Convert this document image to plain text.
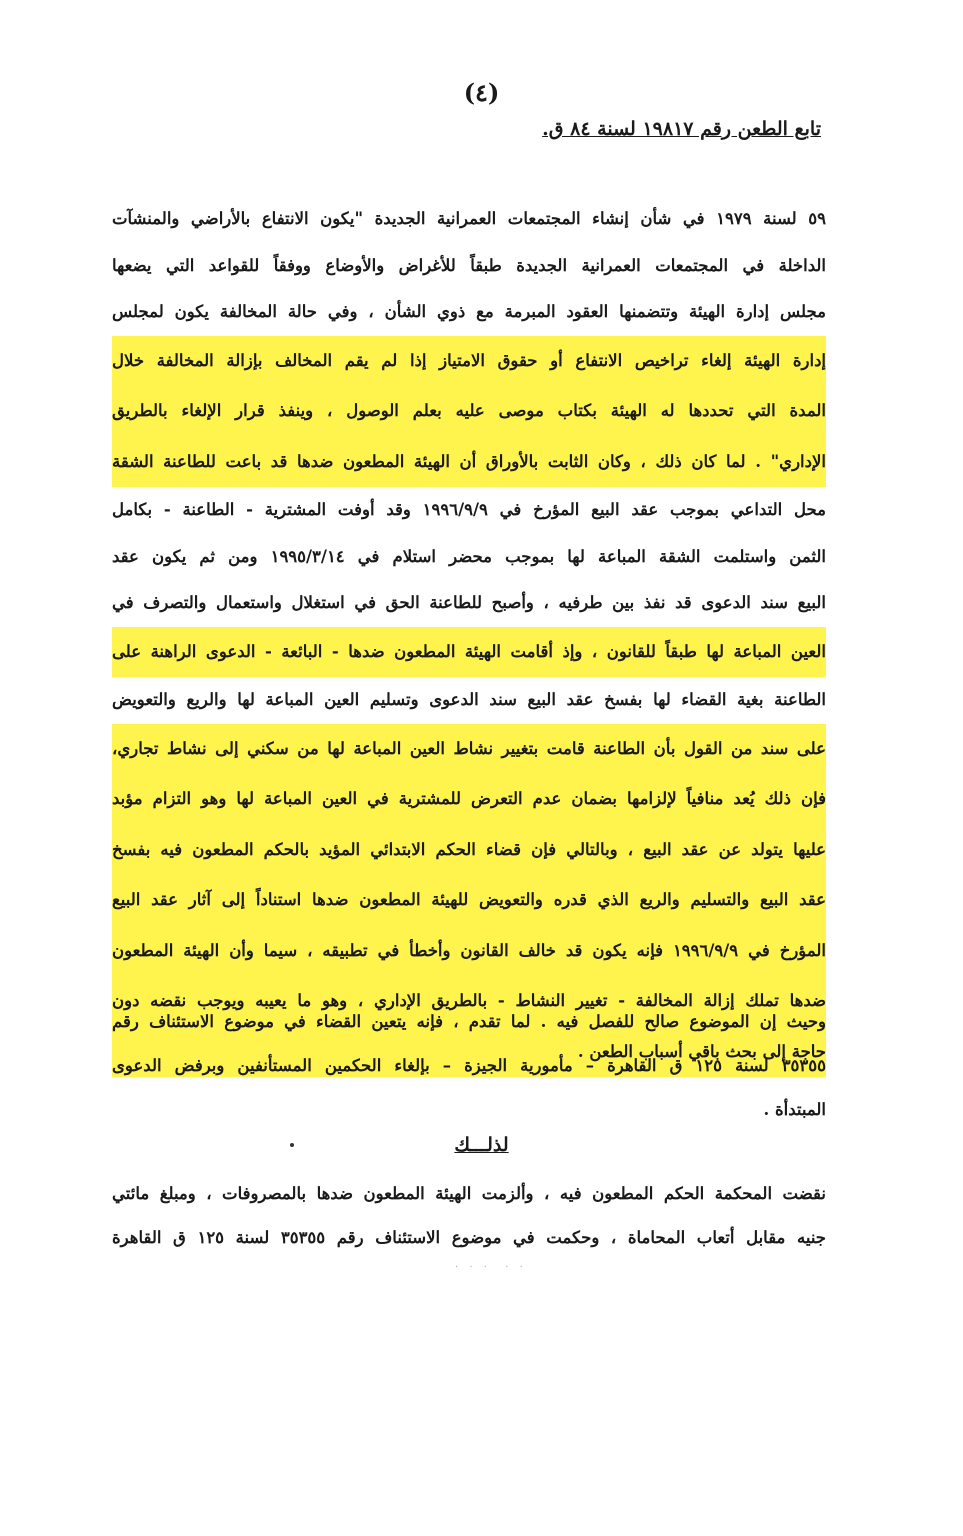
(٤)
تابع الطعن رقم ١٩٨١٧ لسنة ٨٤ ق.
٥٩ لسنة ١٩٧٩ في شأن إنشاء المجتمعات العمرانية الجديدة "يكون الانتفاع بالأراضي والمنشآت
الداخلة في المجتمعات العمرانية الجديدة طبقاً للأغراض والأوضاع ووفقاً للقواعد التي يضعها
مجلس إدارة الهيئة وتتضمنها العقود المبرمة مع ذوي الشأن ، وفي حالة المخالفة يكون لمجلس
إدارة الهيئة إلغاء تراخيص الانتفاع أو حقوق الامتياز إذا لم يقم المخالف بإزالة المخالفة خلال
المدة التي تحددها له الهيئة بكتاب موصى عليه بعلم الوصول ، وينفذ قرار الإلغاء بالطريق
الإداري" . لما كان ذلك ، وكان الثابت بالأوراق أن الهيئة المطعون ضدها قد باعت للطاعنة الشقة
محل التداعي بموجب عقد البيع المؤرخ في ١٩٩٦/٩/٩ وقد أوفت المشترية - الطاعنة - بكامل
الثمن واستلمت الشقة المباعة لها بموجب محضر استلام في ١٩٩٥/٣/١٤ ومن ثم يكون عقد
البيع سند الدعوى قد نفذ بين طرفيه ، وأصبح للطاعنة الحق في استغلال واستعمال والتصرف في
العين المباعة لها طبقاً للقانون ، وإذ أقامت الهيئة المطعون ضدها - البائعة - الدعوى الراهنة على
الطاعنة بغية القضاء لها بفسخ عقد البيع سند الدعوى وتسليم العين المباعة لها والريع والتعويض
على سند من القول بأن الطاعنة قامت بتغيير نشاط العين المباعة لها من سكني إلى نشاط تجاري،
فإن ذلك يُعد منافياً لإلزامها بضمان عدم التعرض للمشترية في العين المباعة لها وهو التزام مؤبد
عليها يتولد عن عقد البيع ، وبالتالي فإن قضاء الحكم الابتدائي المؤيد بالحكم المطعون فيه بفسخ
عقد البيع والتسليم والريع الذي قدره والتعويض للهيئة المطعون ضدها استناداً إلى آثار عقد البيع
المؤرخ في ١٩٩٦/٩/٩ فإنه يكون قد خالف القانون وأخطأ في تطبيقه ، سيما وأن الهيئة المطعون
ضدها تملك إزالة المخالفة - تغيير النشاط - بالطريق الإداري ، وهو ما يعيبه ويوجب نقضه دون
حاجة إلى بحث باقي أسباب الطعن .
وحيث إن الموضوع صالح للفصل فيه . لما تقدم ، فإنه يتعين القضاء في موضوع الاستئناف رقم
٣٥٣٥٥ لسنة ١٢٥ ق القاهرة – مأمورية الجيزة – بإلغاء الحكمين المستأنفين وبرفض الدعوى
المبتدأة .
لذلـــك
نقضت المحكمة الحكم المطعون فيه ، وألزمت الهيئة المطعون ضدها بالمصروفات ، ومبلغ مائتي
جنيه مقابل أتعاب المحاماة ، وحكمت في موضوع الاستئناف رقم ٣٥٣٥٥ لسنة ١٢٥ ق القاهرة
· · ·  · ·
